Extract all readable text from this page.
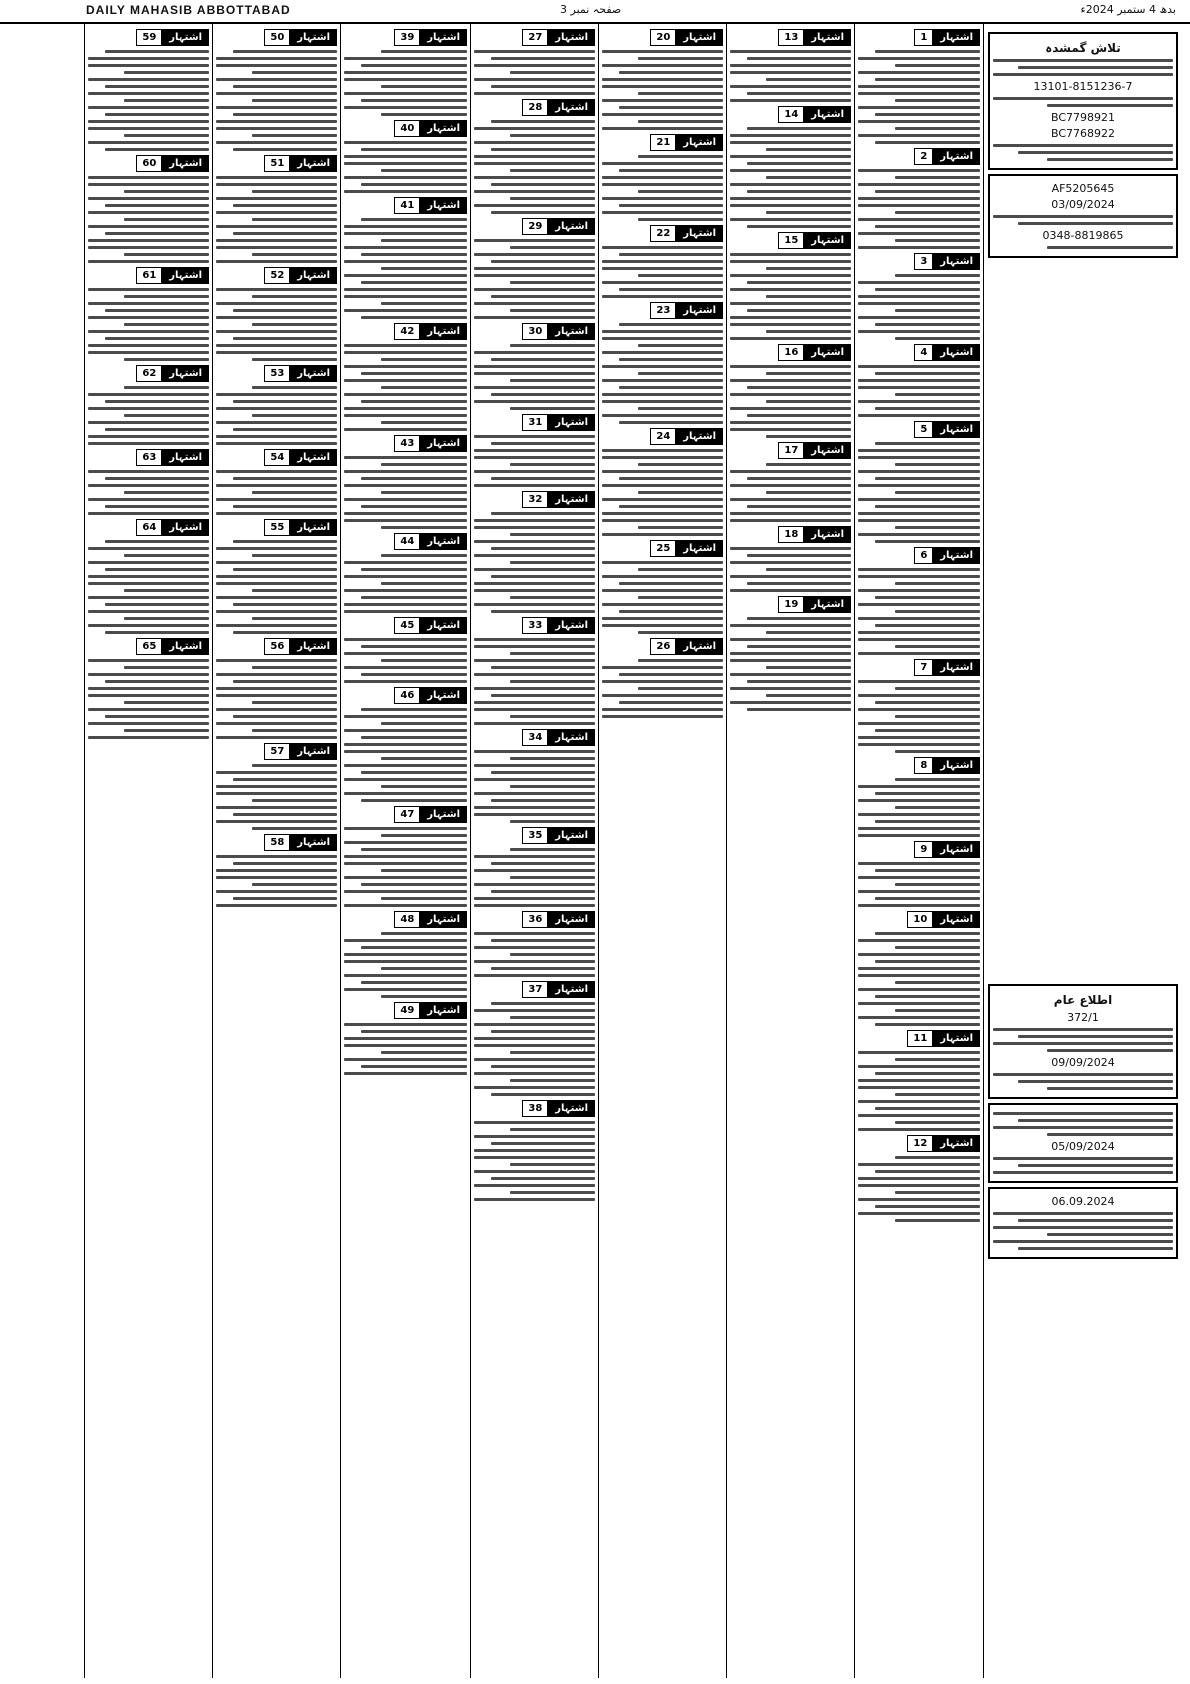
DAILY MAHASIB ABBOTTABAD	صفحہ نمبر 3	بدھ 4 ستمبر 2024ء
اشتہار
59
اشتہار
60
اشتہار
61
اشتہار
62
اشتہار
63
اشتہار
64
اشتہار
65
اشتہار
50
اشتہار
51
اشتہار
52
اشتہار
53
اشتہار
54
اشتہار
55
اشتہار
56
اشتہار
57
اشتہار
58
اشتہار
39
اشتہار
40
اشتہار
41
اشتہار
42
اشتہار
43
اشتہار
44
اشتہار
45
اشتہار
46
اشتہار
47
اشتہار
48
اشتہار
49
اشتہار
27
اشتہار
28
اشتہار
29
اشتہار
30
اشتہار
31
اشتہار
32
اشتہار
33
اشتہار
34
اشتہار
35
اشتہار
36
اشتہار
37
اشتہار
38
اشتہار
20
اشتہار
21
اشتہار
22
اشتہار
23
اشتہار
24
اشتہار
25
اشتہار
26
اشتہار
13
اشتہار
14
اشتہار
15
اشتہار
16
اشتہار
17
اشتہار
18
اشتہار
19
اشتہار
1
اشتہار
2
اشتہار
3
اشتہار
4
اشتہار
5
اشتہار
6
اشتہار
7
اشتہار
8
اشتہار
9
اشتہار
10
اشتہار
11
اشتہار
12
اطلاع عام
372/1
09/09/2024
05/09/2024
06.09.2024
تلاش گمشدہ
13101-8151236-7
BC7798921
BC7768922
AF5205645
03/09/2024
0348-8819865
